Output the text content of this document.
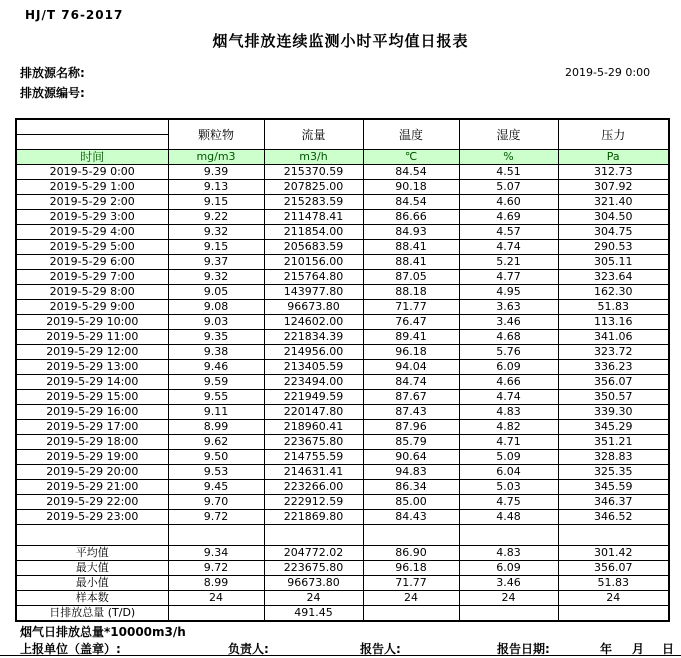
HJ/T 76-2017
烟气排放连续监测小时平均值日报表
排放源名称:	2019-5-29 0:00
排放源编号:
	颗粒物	流量	温度	湿度	压力

时间	mg/m3	m3/h	℃	%	Pa
2019-5-29 0:00	9.39	215370.59	84.54	4.51	312.73
2019-5-29 1:00	9.13	207825.00	90.18	5.07	307.92
2019-5-29 2:00	9.15	215283.59	84.54	4.60	321.40
2019-5-29 3:00	9.22	211478.41	86.66	4.69	304.50
2019-5-29 4:00	9.32	211854.00	84.93	4.57	304.75
2019-5-29 5:00	9.15	205683.59	88.41	4.74	290.53
2019-5-29 6:00	9.37	210156.00	88.41	5.21	305.11
2019-5-29 7:00	9.32	215764.80	87.05	4.77	323.64
2019-5-29 8:00	9.05	143977.80	88.18	4.95	162.30
2019-5-29 9:00	9.08	96673.80	71.77	3.63	51.83
2019-5-29 10:00	9.03	124602.00	76.47	3.46	113.16
2019-5-29 11:00	9.35	221834.39	89.41	4.68	341.06
2019-5-29 12:00	9.38	214956.00	96.18	5.76	323.72
2019-5-29 13:00	9.46	213405.59	94.04	6.09	336.23
2019-5-29 14:00	9.59	223494.00	84.74	4.66	356.07
2019-5-29 15:00	9.55	221949.59	87.67	4.74	350.57
2019-5-29 16:00	9.11	220147.80	87.43	4.83	339.30
2019-5-29 17:00	8.99	218960.41	87.96	4.82	345.29
2019-5-29 18:00	9.62	223675.80	85.79	4.71	351.21
2019-5-29 19:00	9.50	214755.59	90.64	5.09	328.83
2019-5-29 20:00	9.53	214631.41	94.83	6.04	325.35
2019-5-29 21:00	9.45	223266.00	86.34	5.03	345.59
2019-5-29 22:00	9.70	222912.59	85.00	4.75	346.37
2019-5-29 23:00	9.72	221869.80	84.43	4.48	346.52

平均值	9.34	204772.02	86.90	4.83	301.42
最大值	9.72	223675.80	96.18	6.09	356.07
最小值	8.99	96673.80	71.77	3.46	51.83
样本数	24	24	24	24	24
日排放总量 (T/D)		491.45			
烟气日排放总量*10000m3/h
上报单位（盖章）:	负责人:	报告人:	报告日期:	年 月 日
